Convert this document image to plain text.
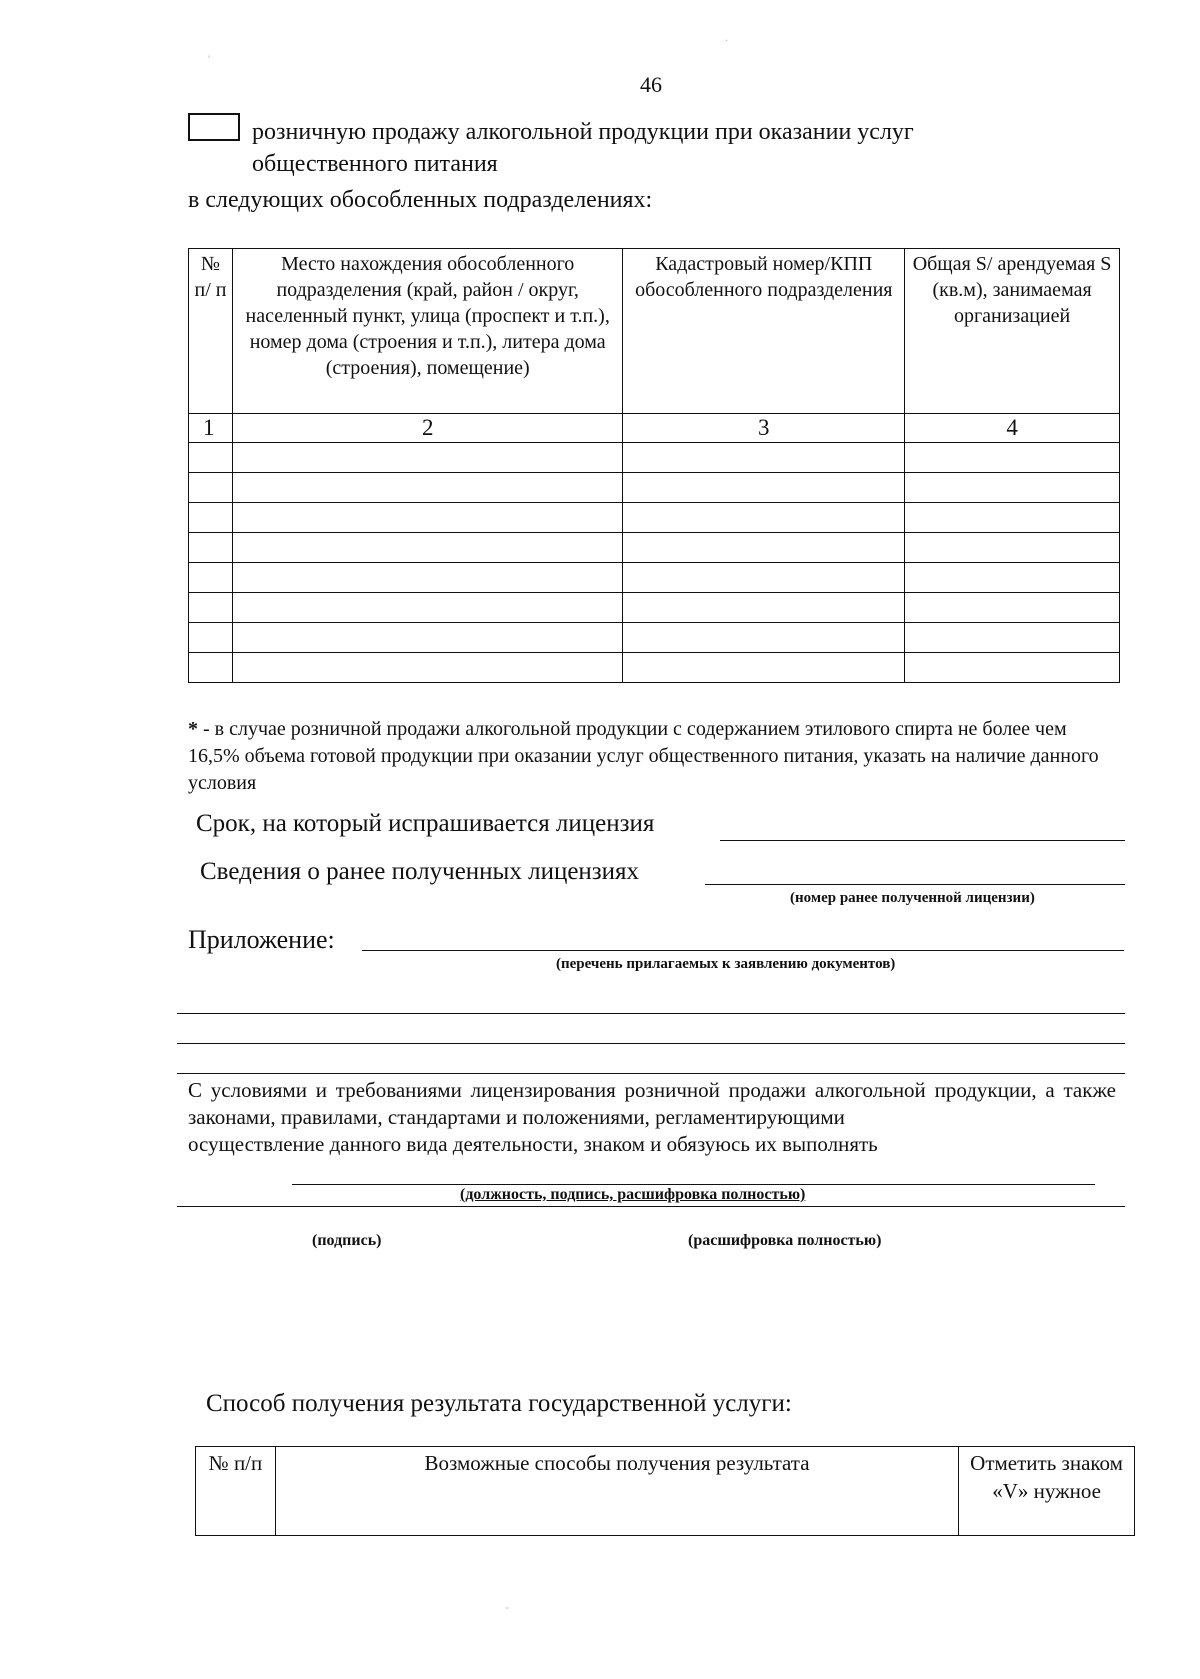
'
.
-
46
розничную продажу алкогольной продукции при оказании услуг
общественного питания
в следующих обособленных подразделениях:
№ п/ п	Место нахождения обособленного подразделения (край, район / округ, населенный пункт, улица (проспект и т.п.), номер дома (строения и т.п.), литера дома (строения), помещение)	Кадастровый номер/КПП обособленного подразделения	Общая S/ арендуемая S (кв.м), занимаемая организацией
1	2	3	4

* - в случае розничной продажи алкогольной продукции с содержанием этилового спирта не более чем 16,5% объема готовой продукции при оказании услуг общественного питания, указать на наличие данного условия
Срок, на который испрашивается лицензия
Сведения о ранее полученных лицензиях
(номер ранее полученной лицензии)
Приложение:
(перечень прилагаемых к заявлению документов)
С условиями и требованиями лицензирования розничной продажи алкогольной продукции, а также законами, правилами, стандартами и положениями, регламентирующими
осуществление данного вида деятельности, знаком и обязуюсь их выполнять
(должность, подпись, расшифровка полностью)
(подпись)	(расшифровка полностью)
Способ получения результата государственной услуги:
№ п/п	Возможные способы получения результата	Отметить знаком «V» нужное
